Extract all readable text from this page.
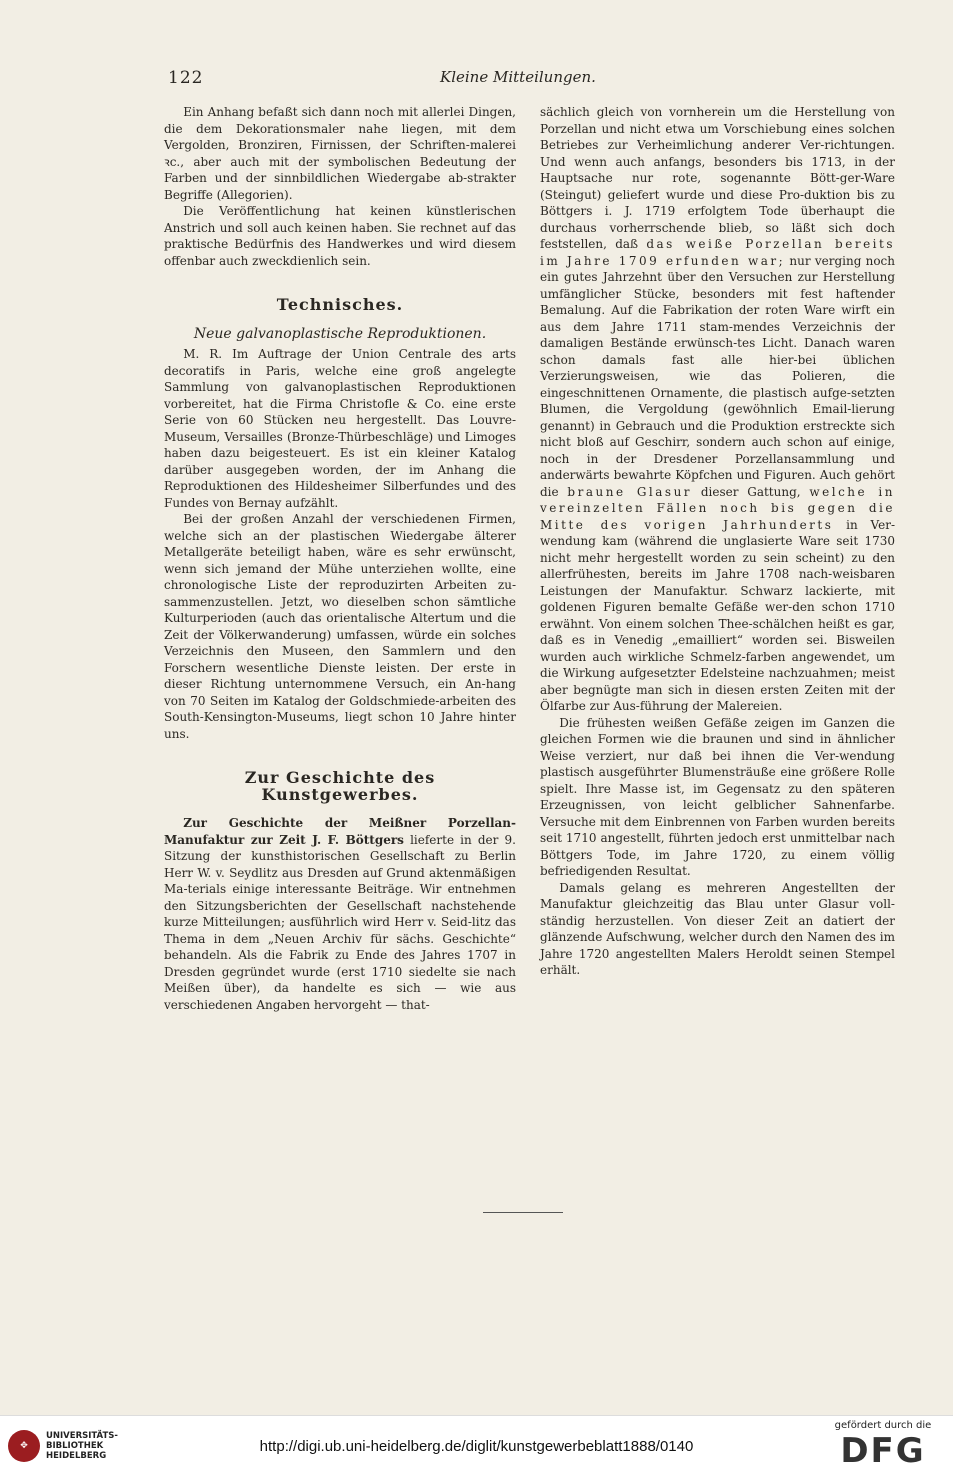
122	Kleine Mitteilungen.

Ein Anhang befaßt sich dann noch mit allerlei Dingen, die dem Dekorationsmaler nahe liegen, mit dem Vergolden, Bronziren, Firnissen, der Schriften-malerei ꝛc., aber auch mit der symbolischen Bedeutung der Farben und der sinnbildlichen Wiedergabe ab-strakter Begriffe (Allegorien).

Die Veröffentlichung hat keinen künstlerischen Anstrich und soll auch keinen haben. Sie rechnet auf das praktische Bedürfnis des Handwerkes und wird diesem offenbar auch zweckdienlich sein.

Technisches.
Neue galvanoplastische Reproduktionen.

M. R. Im Auftrage der Union Centrale des arts decoratifs in Paris, welche eine groß angelegte Sammlung von galvanoplastischen Reproduktionen vorbereitet, hat die Firma Christofle & Co. eine erste Serie von 60 Stücken neu hergestellt. Das Louvre-Museum, Versailles (Bronze-Thürbeschläge) und Limoges haben dazu beigesteuert. Es ist ein kleiner Katalog darüber ausgegeben worden, der im Anhang die Reproduktionen des Hildesheimer Silberfundes und des Fundes von Bernay aufzählt.

Bei der großen Anzahl der verschiedenen Firmen, welche sich an der plastischen Wiedergabe älterer Metallgeräte beteiligt haben, wäre es sehr erwünscht, wenn sich jemand der Mühe unterziehen wollte, eine chronologische Liste der reproduzirten Arbeiten zu-sammenzustellen. Jetzt, wo dieselben schon sämtliche Kulturperioden (auch das orientalische Altertum und die Zeit der Völkerwanderung) umfassen, würde ein solches Verzeichnis den Museen, den Sammlern und den Forschern wesentliche Dienste leisten. Der erste in dieser Richtung unternommene Versuch, ein An-hang von 70 Seiten im Katalog der Goldschmiede-arbeiten des South-Kensington-Museums, liegt schon 10 Jahre hinter uns.

Zur Geschichte des Kunstgewerbes.

Zur Geschichte der Meißner Porzellan-Manufaktur zur Zeit J. F. Böttgers lieferte in der 9. Sitzung der kunsthistorischen Gesellschaft zu Berlin Herr W. v. Seydlitz aus Dresden auf Grund aktenmäßigen Ma-terials einige interessante Beiträge. Wir entnehmen den Sitzungsberichten der Gesellschaft nachstehende kurze Mitteilungen; ausführlich wird Herr v. Seid-litz das Thema in dem „Neuen Archiv für sächs. Geschichte“ behandeln. Als die Fabrik zu Ende des Jahres 1707 in Dresden gegründet wurde (erst 1710 siedelte sie nach Meißen über), da handelte es sich — wie aus verschiedenen Angaben hervorgeht — that-

sächlich gleich von vornherein um die Herstellung von Porzellan und nicht etwa um Vorschiebung eines solchen Betriebes zur Verheimlichung anderer Ver-richtungen. Und wenn auch anfangs, besonders bis 1713, in der Hauptsache nur rote, sogenannte Bött-ger-Ware (Steingut) geliefert wurde und diese Pro-duktion bis zu Böttgers i. J. 1719 erfolgtem Tode überhaupt die durchaus vorherrschende blieb, so läßt sich doch feststellen, daß das weiße Porzellan bereits im Jahre 1709 erfunden war; nur verging noch ein gutes Jahrzehnt über den Versuchen zur Herstellung umfänglicher Stücke, besonders mit fest haftender Bemalung. Auf die Fabrikation der roten Ware wirft ein aus dem Jahre 1711 stam-mendes Verzeichnis der damaligen Bestände erwünsch-tes Licht. Danach waren schon damals fast alle hier-bei üblichen Verzierungsweisen, wie das Polieren, die eingeschnittenen Ornamente, die plastisch aufge-setzten Blumen, die Vergoldung (gewöhnlich Email-lierung genannt) in Gebrauch und die Produktion erstreckte sich nicht bloß auf Geschirr, sondern auch schon auf einige, noch in der Dresdener Porzellansammlung und anderwärts bewahrte Köpfchen und Figuren. Auch gehört die braune Glasur dieser Gattung, welche in vereinzelten Fällen noch bis gegen die Mitte des vorigen Jahrhunderts in Ver-wendung kam (während die unglasierte Ware seit 1730 nicht mehr hergestellt worden zu sein scheint) zu den allerfrühesten, bereits im Jahre 1708 nach-weisbaren Leistungen der Manufaktur. Schwarz lackierte, mit goldenen Figuren bemalte Gefäße wer-den schon 1710 erwähnt. Von einem solchen Thee-schälchen heißt es gar, daß es in Venedig „emailliert“ worden sei. Bisweilen wurden auch wirkliche Schmelz-farben angewendet, um die Wirkung aufgesetzter Edelsteine nachzuahmen; meist aber begnügte man sich in diesen ersten Zeiten mit der Ölfarbe zur Aus-führung der Malereien.

Die frühesten weißen Gefäße zeigen im Ganzen die gleichen Formen wie die braunen und sind in ähnlicher Weise verziert, nur daß bei ihnen die Ver-wendung plastisch ausgeführter Blumensträuße eine größere Rolle spielt. Ihre Masse ist, im Gegensatz zu den späteren Erzeugnissen, von leicht gelblicher Sahnenfarbe. Versuche mit dem Einbrennen von Farben wurden bereits seit 1710 angestellt, führten jedoch erst unmittelbar nach Böttgers Tode, im Jahre 1720, zu einem völlig befriedigenden Resultat.

Damals gelang es mehreren Angestellten der Manufaktur gleichzeitig das Blau unter Glasur voll-ständig herzustellen. Von dieser Zeit an datiert der glänzende Aufschwung, welcher durch den Namen des im Jahre 1720 angestellten Malers Heroldt seinen Stempel erhält.

✥
UNIVERSITÄTS-
BIBLIOTHEK
HEIDELBERG
http://digi.ub.uni-heidelberg.de/diglit/kunstgewerbeblatt1888/0140
gefördert durch die
DFG
